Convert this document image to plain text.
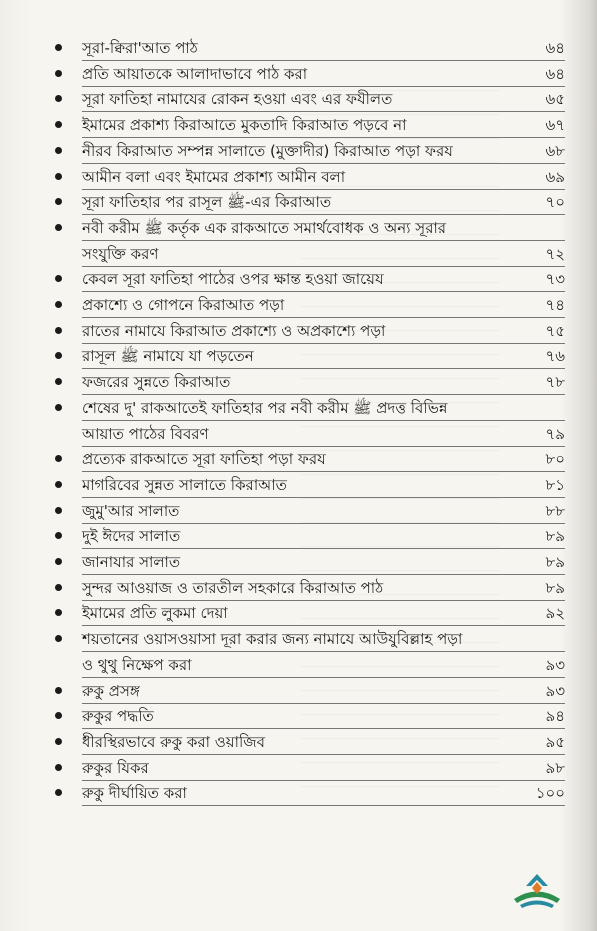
সূরা-ক্বিরা'আত পাঠ	৬৪
প্রতি আয়াতকে আলাদাভাবে পাঠ করা	৬৪
সূরা ফাতিহা নামাযের রোকন হওয়া এবং এর ফযীলত	৬৫
ইমামের প্রকাশ্য কিরাআতে মুকতাদি কিরাআত পড়বে না	৬৭
নীরব কিরাআত সম্পন্ন সালাতে (মুক্তাদীর) কিরাআত পড়া ফরয	৬৮
আমীন বলা এবং ইমামের প্রকাশ্য আমীন বলা	৬৯
সূরা ফাতিহার পর রাসূল ﷺ-এর কিরাআত	৭০
নবী করীম ﷺ কর্তৃক এক রাকআতে সমার্থবোধক ও অন্য সূরার
সংযুক্তি করণ	৭২
কেবল সূরা ফাতিহা পাঠের ওপর ক্ষান্ত হওয়া জায়েয	৭৩
প্রকাশ্যে ও গোপনে কিরাআত পড়া	৭৪
রাতের নামাযে কিরাআত প্রকাশ্যে ও অপ্রকাশ্যে পড়া	৭৫
রাসূল ﷺ নামাযে যা পড়তেন	৭৬
ফজরের সুন্নতে কিরাআত	৭৮
শেষের দু' রাকআতেই ফাতিহার পর নবী করীম ﷺ প্রদত্ত বিভিন্ন
আয়াত পাঠের বিবরণ	৭৯
প্রত্যেক রাকআতে সূরা ফাতিহা পড়া ফরয	৮০
মাগরিবের সুন্নত সালাতে কিরাআত	৮১
জুমু'আর সালাত	৮৮
দুই ঈদের সালাত	৮৯
জানাযার সালাত	৮৯
সুন্দর আওয়াজ ও তারতীল সহকারে কিরাআত পাঠ	৮৯
ইমামের প্রতি লুকমা দেয়া	৯২
শয়তানের ওয়াসওয়াসা দূরা করার জন্য নামাযে আউযুবিল্লাহ পড়া
ও থুথু নিক্ষেপ করা	৯৩
রুকু প্রসঙ্গ	৯৩
রুকুর পদ্ধতি	৯৪
ধীরস্থিরভাবে রুকু করা ওয়াজিব	৯৫
রুকুর যিকর	৯৮
রুকু দীর্ঘায়িত করা	১০০
